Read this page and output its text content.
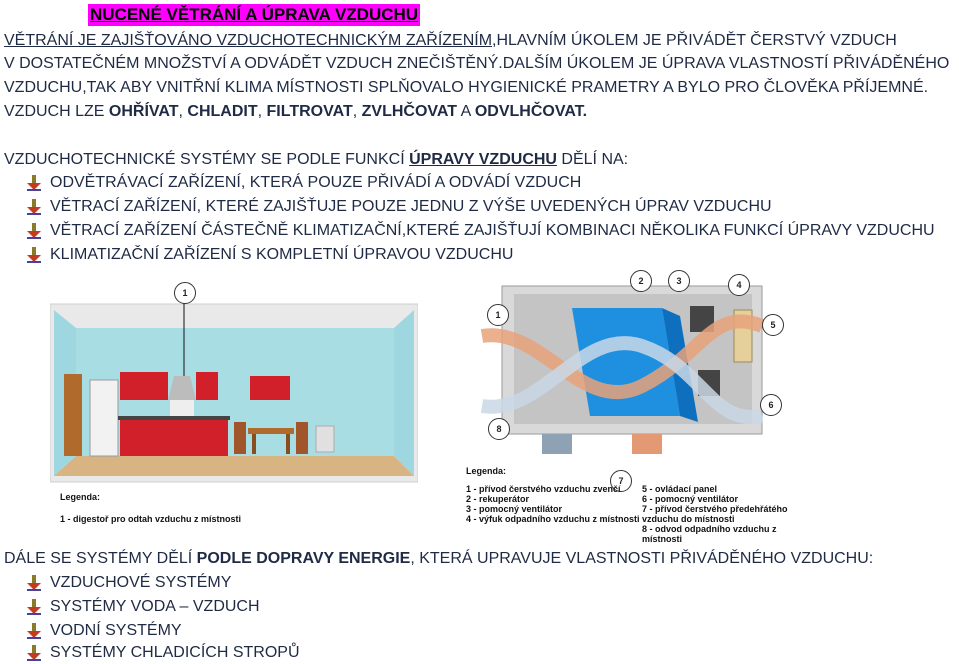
NUCENÉ VĚTRÁNÍ A ÚPRAVA VZDUCHU
VĚTRÁNÍ JE ZAJIŠŤOVÁNO VZDUCHOTECHNICKÝM ZAŘÍZENÍM,HLAVNÍM ÚKOLEM JE PŘIVÁDĚT ČERSTVÝ VZDUCH
V DOSTATEČNÉM MNOŽSTVÍ A ODVÁDĚT VZDUCH ZNEČIŠTĚNÝ.DALŠÍM ÚKOLEM JE ÚPRAVA VLASTNOSTÍ PŘIVÁDĚNÉHO
VZDUCHU,TAK ABY VNITŘNÍ KLIMA MÍSTNOSTI SPLŇOVALO HYGIENICKÉ PRAMETRY A BYLO PRO ČLOVĚKA PŘÍJEMNÉ.
VZDUCH LZE OHŘÍVAT, CHLADIT, FILTROVAT, ZVLHČOVAT A ODVLHČOVAT.
VZDUCHOTECHNICKÉ SYSTÉMY SE PODLE FUNKCÍ ÚPRAVY VZDUCHU DĚLÍ NA:
ODVĚTRÁVACÍ ZAŘÍZENÍ, KTERÁ POUZE PŘIVÁDÍ A ODVÁDÍ VZDUCH
VĚTRACÍ ZAŘÍZENÍ, KTERÉ ZAJIŠŤUJE POUZE JEDNU Z VÝŠE UVEDENÝCH ÚPRAV VZDUCHU
VĚTRACÍ ZAŘÍZENÍ ČÁSTEČNĚ KLIMATIZAČNÍ,KTERÉ ZAJIŠŤUJÍ KOMBINACI NĚKOLIKA FUNKCÍ ÚPRAVY VZDUCHU
KLIMATIZAČNÍ ZAŘÍZENÍ S KOMPLETNÍ ÚPRAVOU VZDUCHU
1
Legenda:
1 - digestoř pro odtah vzduchu z místnosti
1
2	3	4
5
6
7
8
Legenda:
1 - přívod čerstvého vzduchu zvenčí
2 - rekuperátor
3 - pomocný ventilátor
4 - výfuk odpadního vzduchu z místnosti
5 - ovládací panel
6 - pomocný ventilátor
7 - přívod čerstvého předehřátého vzduchu do místnosti
8 - odvod odpadního vzduchu z místnosti
DÁLE SE SYSTÉMY DĚLÍ PODLE DOPRAVY ENERGIE, KTERÁ UPRAVUJE VLASTNOSTI PŘIVÁDĚNÉHO VZDUCHU:
VZDUCHOVÉ SYSTÉMY
SYSTÉMY VODA – VZDUCH
VODNÍ SYSTÉMY
SYSTÉMY CHLADICÍCH STROPŮ
